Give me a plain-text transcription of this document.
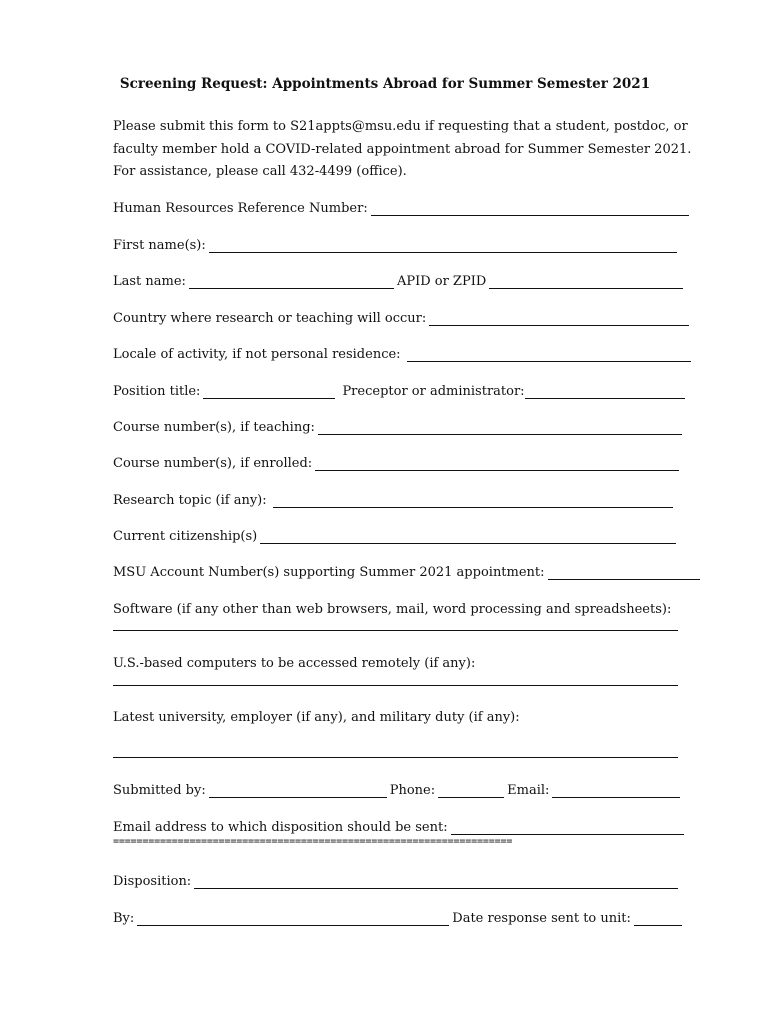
Screening Request: Appointments Abroad for Summer Semester 2021
Please submit this form to S21appts@msu.edu if requesting that a student, postdoc, or
faculty member hold a COVID-related appointment abroad for Summer Semester 2021.
For assistance, please call 432-4499 (office).
Human Resources Reference Number:
First name(s):
Last name:	APID or ZPID
Country where research or teaching will occur:
Locale of activity, if not personal residence:
Position title:	Preceptor or administrator:
Course number(s), if teaching:
Course number(s), if enrolled:
Research topic (if any):
Current citizenship(s)
MSU Account Number(s) supporting Summer 2021 appointment:
Software (if any other than web browsers, mail, word processing and spreadsheets):
U.S.-based computers to be accessed remotely (if any):
Latest university, employer (if any), and military duty (if any):
Submitted by:	Phone:	Email:
Email address to which disposition should be sent:
====================================================================
Disposition:
By:	Date response sent to unit:
